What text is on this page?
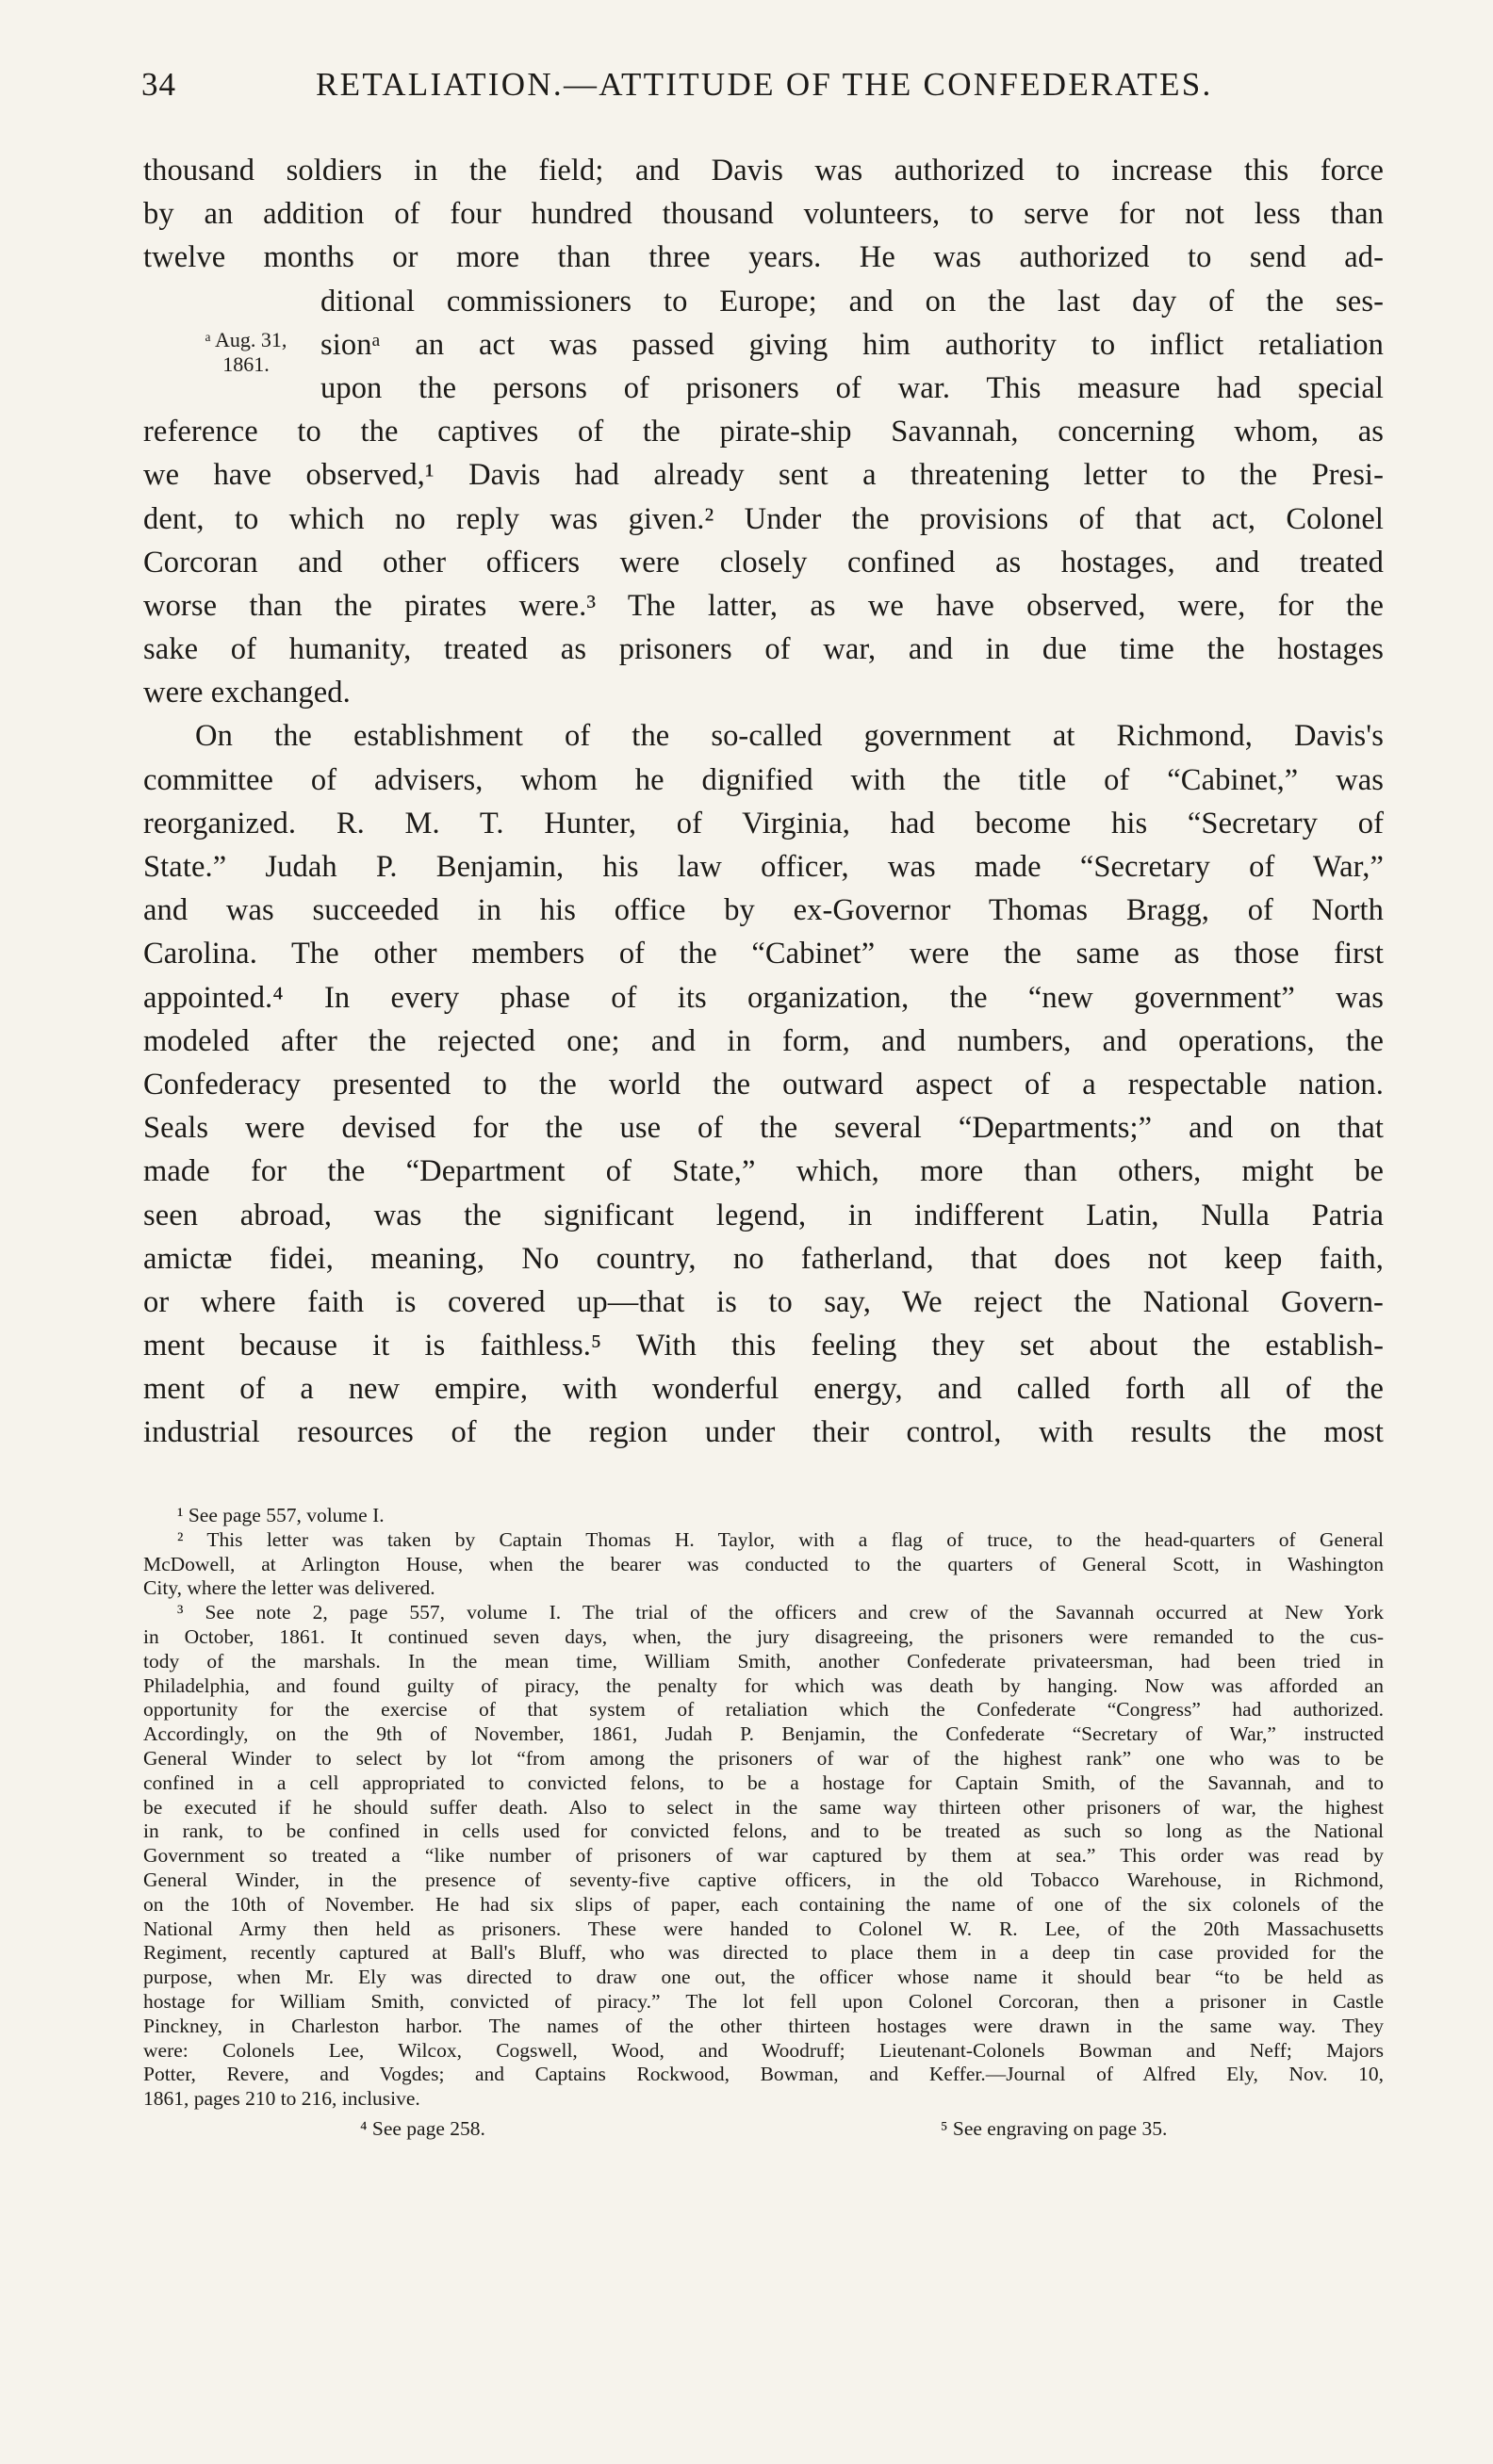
34	RETALIATION.—ATTITUDE OF THE CONFEDERATES.
ᵃ Aug. 31,
1861.
thousand soldiers in the field; and Davis was authorized to increase this force
by an addition of four hundred thousand volunteers, to serve for not less than
twelve months or more than three years. He was authorized to send ad-
ditional commissioners to Europe; and on the last day of the ses-
sionᵃ an act was passed giving him authority to inflict retaliation
upon the persons of prisoners of war. This measure had special
reference to the captives of the pirate-ship Savannah, concerning whom, as
we have observed,¹ Davis had already sent a threatening letter to the Presi-
dent, to which no reply was given.² Under the provisions of that act, Colonel
Corcoran and other officers were closely confined as hostages, and treated
worse than the pirates were.³ The latter, as we have observed, were, for the
sake of humanity, treated as prisoners of war, and in due time the hostages
were exchanged.
On the establishment of the so-called government at Richmond, Davis's
committee of advisers, whom he dignified with the title of “Cabinet,” was
reorganized. R. M. T. Hunter, of Virginia, had become his “Secretary of
State.” Judah P. Benjamin, his law officer, was made “Secretary of War,”
and was succeeded in his office by ex-Governor Thomas Bragg, of North
Carolina. The other members of the “Cabinet” were the same as those first
appointed.⁴ In every phase of its organization, the “new government” was
modeled after the rejected one; and in form, and numbers, and operations, the
Confederacy presented to the world the outward aspect of a respectable nation.
Seals were devised for the use of the several “Departments;” and on that
made for the “Department of State,” which, more than others, might be
seen abroad, was the significant legend, in indifferent Latin, Nulla Patria
amictæ fidei, meaning, No country, no fatherland, that does not keep faith,
or where faith is covered up—that is to say, We reject the National Govern-
ment because it is faithless.⁵ With this feeling they set about the establish-
ment of a new empire, with wonderful energy, and called forth all of the
industrial resources of the region under their control, with results the most
¹ See page 557, volume I.
² This letter was taken by Captain Thomas H. Taylor, with a flag of truce, to the head-quarters of General
McDowell, at Arlington House, when the bearer was conducted to the quarters of General Scott, in Washington
City, where the letter was delivered.
³ See note 2, page 557, volume I. The trial of the officers and crew of the Savannah occurred at New York
in October, 1861. It continued seven days, when, the jury disagreeing, the prisoners were remanded to the cus-
tody of the marshals. In the mean time, William Smith, another Confederate privateersman, had been tried in
Philadelphia, and found guilty of piracy, the penalty for which was death by hanging. Now was afforded an
opportunity for the exercise of that system of retaliation which the Confederate “Congress” had authorized.
Accordingly, on the 9th of November, 1861, Judah P. Benjamin, the Confederate “Secretary of War,” instructed
General Winder to select by lot “from among the prisoners of war of the highest rank” one who was to be
confined in a cell appropriated to convicted felons, to be a hostage for Captain Smith, of the Savannah, and to
be executed if he should suffer death. Also to select in the same way thirteen other prisoners of war, the highest
in rank, to be confined in cells used for convicted felons, and to be treated as such so long as the National
Government so treated a “like number of prisoners of war captured by them at sea.” This order was read by
General Winder, in the presence of seventy-five captive officers, in the old Tobacco Warehouse, in Richmond,
on the 10th of November. He had six slips of paper, each containing the name of one of the six colonels of the
National Army then held as prisoners. These were handed to Colonel W. R. Lee, of the 20th Massachusetts
Regiment, recently captured at Ball's Bluff, who was directed to place them in a deep tin case provided for the
purpose, when Mr. Ely was directed to draw one out, the officer whose name it should bear “to be held as
hostage for William Smith, convicted of piracy.” The lot fell upon Colonel Corcoran, then a prisoner in Castle
Pinckney, in Charleston harbor. The names of the other thirteen hostages were drawn in the same way. They
were: Colonels Lee, Wilcox, Cogswell, Wood, and Woodruff; Lieutenant-Colonels Bowman and Neff; Majors
Potter, Revere, and Vogdes; and Captains Rockwood, Bowman, and Keffer.—Journal of Alfred Ely, Nov. 10,
1861, pages 210 to 216, inclusive.
⁴ See page 258.	⁵ See engraving on page 35.
